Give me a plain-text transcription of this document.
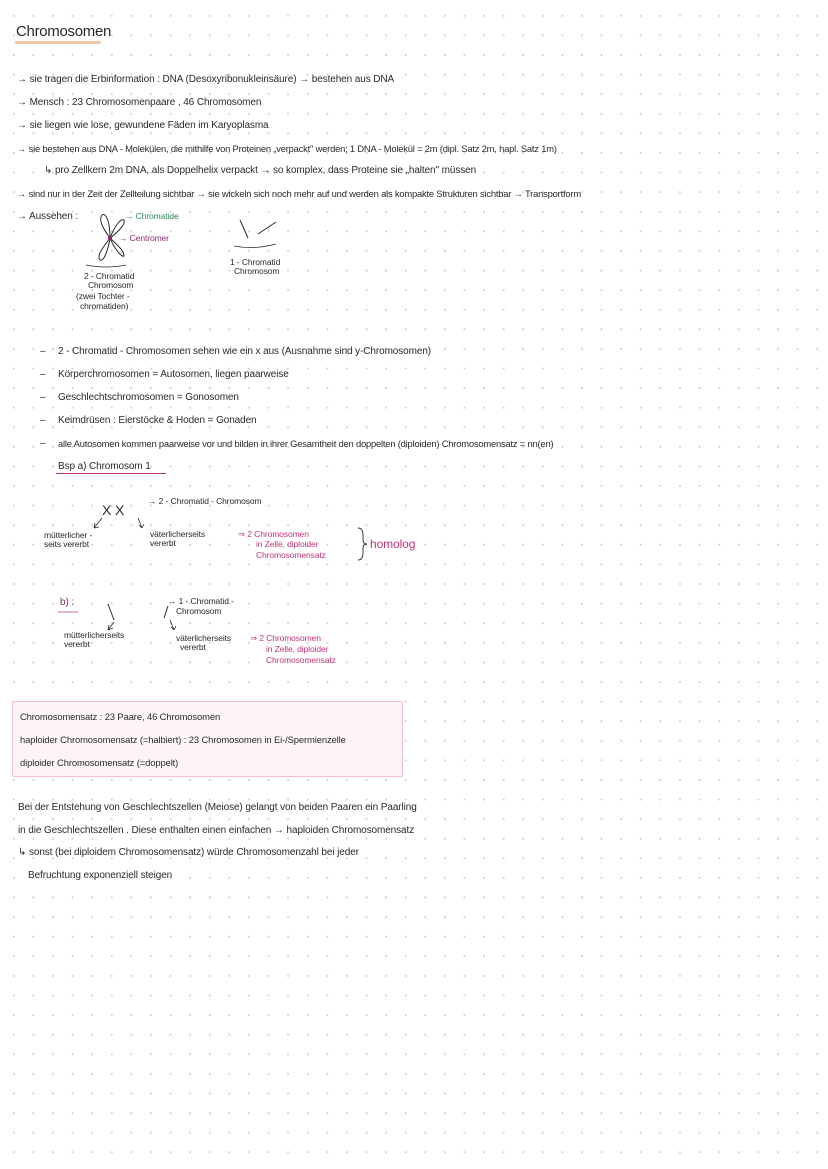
Chromosomen
→ sie tragen die Erbinformation : DNA (Desoxyribonukleinsäure) → bestehen aus DNA
→ Mensch : 23 Chromosomenpaare , 46 Chromosomen
→ sie liegen wie lose, gewundene Fäden im Karyoplasma
→ sie bestehen aus DNA - Molekülen, die mithilfe von Proteinen „verpackt" werden; 1 DNA - Molekül = 2m (dipl. Satz 2m, hapl. Satz 1m)
↳ pro Zellkern 2m DNA, als Doppelhelix verpackt → so komplex, dass Proteine sie „halten" müssen
→ sind nur in der Zeit der Zellteilung sichtbar → sie wickeln sich noch mehr auf und werden als kompakte Strukturen sichtbar → Transportform
→ Aussehen :	→ Chromatide
→ Centromer
2 - Chromatid
Chromosom
(zwei Tochter -
chromatiden)
1 - Chromatid
Chromosom
– 2 - Chromatid - Chromosomen sehen wie ein x aus (Ausnahme sind y-Chromosomen)
– Körperchromosomen = Autosomen, liegen paarweise
– Geschlechtschromosomen = Gonosomen
– Keimdrüsen : Eierstöcke & Hoden = Gonaden
– alle Autosomen kommen paarweise vor und bilden in ihrer Gesamtheit den doppelten (diploiden) Chromosomensatz = nn(en)
Bsp a) Chromosom 1
X X
→ 2 - Chromatid - Chromosom
mütterlicher -
seits vererbt
väterlicherseits
vererbt
⇒ 2 Chromosomen
in Zelle, diploider
Chromosomensatz
homolog
b) :	→ 1 - Chromatid -
Chromosom
mütterlicherseits
vererbt
väterlicherseits
vererbt
⇒ 2 Chromosomen
in Zelle, diploider
Chromosomensatz
Chromosomensatz : 23 Paare, 46 Chromosomen
haploider Chromosomensatz (=halbiert) : 23 Chromosomen in Ei-/Spermienzelle
diploider Chromosomensatz (=doppelt)
Bei der Entstehung von Geschlechtszellen (Meiose) gelangt von beiden Paaren ein Paarling
in die Geschlechtszellen . Diese enthalten einen einfachen → haploiden Chromosomensatz
↳ sonst (bei diploidem Chromosomensatz) würde Chromosomenzahl bei jeder
Befruchtung exponenziell steigen
